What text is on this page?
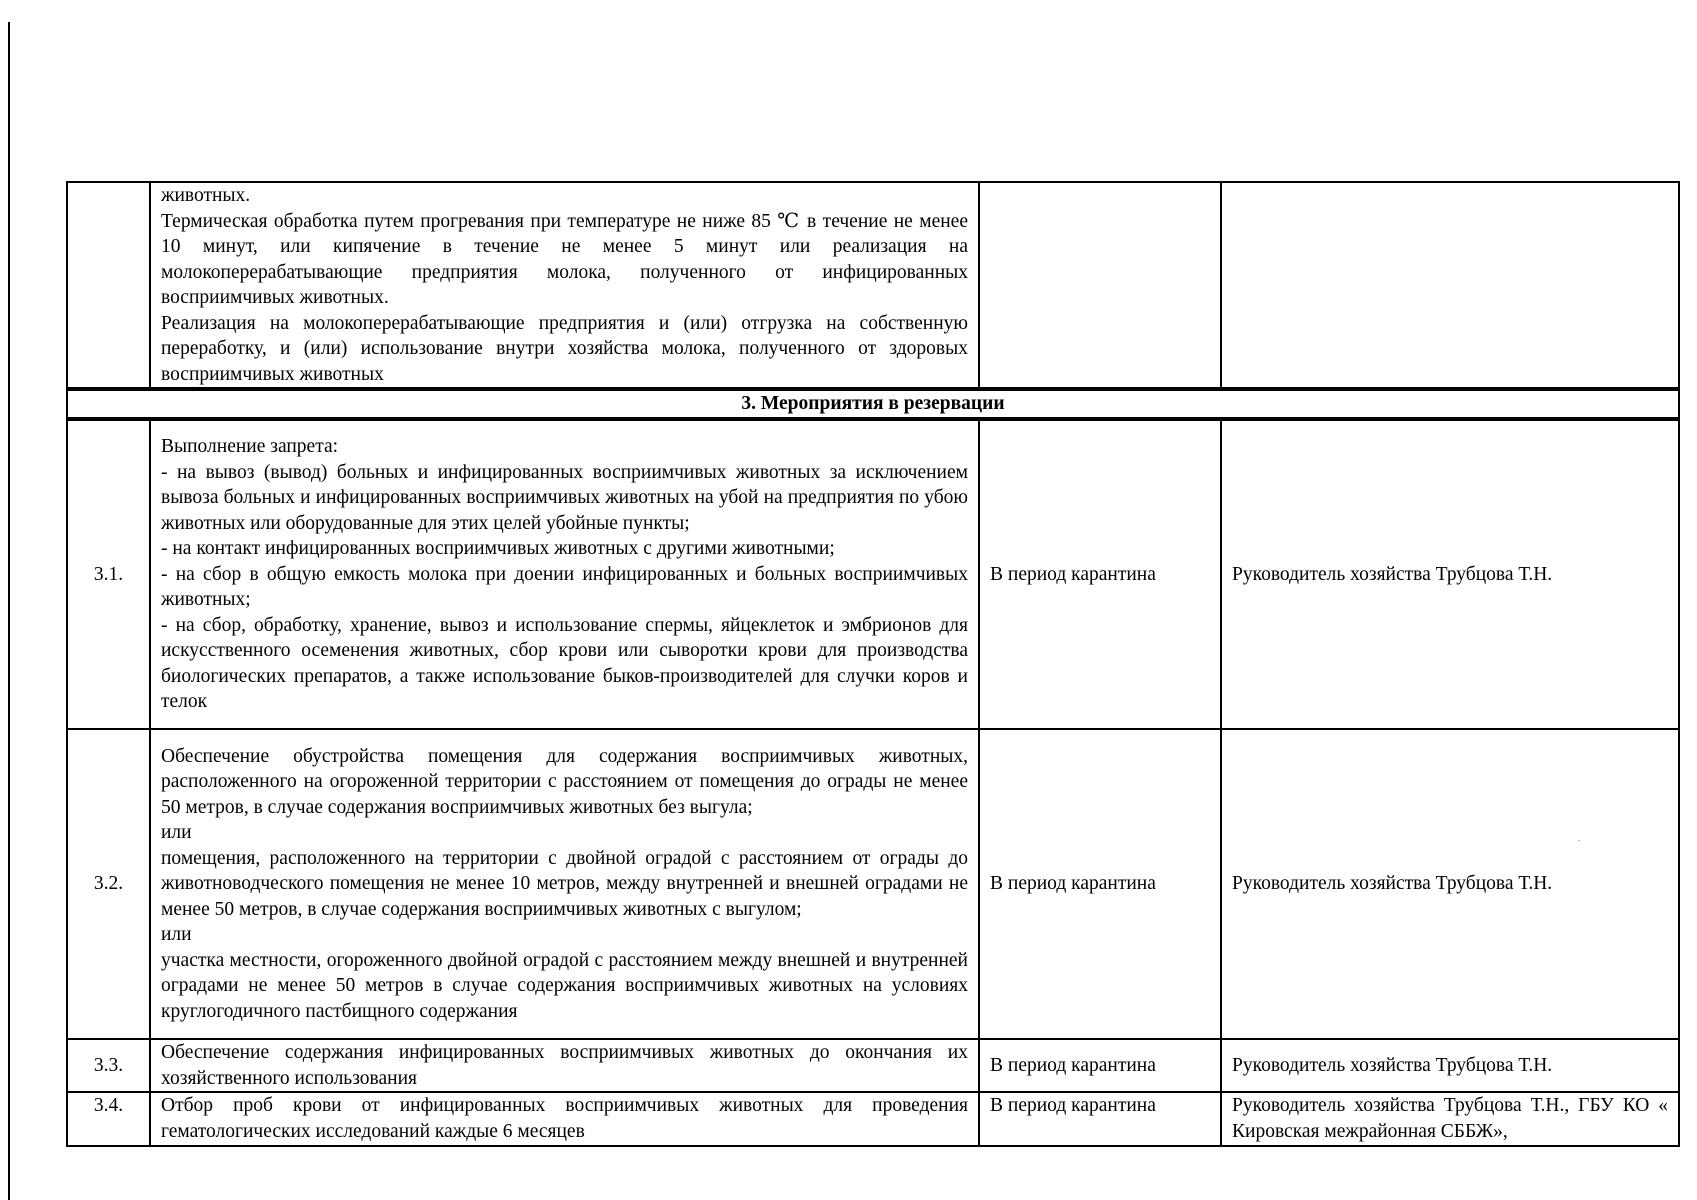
	животных.

Термическая обработка путем прогревания при температуре не ниже 85 ℃ в течение не менее 10 минут, или кипячение в течение не менее 5 минут или реализация на молокоперерабатывающие предприятия молока, полученного от инфицированных восприимчивых животных.

Реализация на молокоперерабатывающие предприятия и (или) отгрузка на собственную переработку, и (или) использование внутри хозяйства молока, полученного от здоровых восприимчивых животных		

3. Мероприятия в резервации			
3.1.	Выполнение запрета:

- на вывоз (вывод) больных и инфицированных восприимчивых животных за исключением вывоза больных и инфицированных восприимчивых животных на убой на предприятия по убою животных или оборудованные для этих целей убойные пункты;

- на контакт инфицированных восприимчивых животных с другими животными;

- на сбор в общую емкость молока при доении инфицированных и больных восприимчивых животных;

- на сбор, обработку, хранение, вывоз и использование спермы, яйцеклеток и эмбрионов для искусственного осеменения животных, сбор крови или сыворотки крови для производства биологических препаратов, а также использование быков-производителей для случки коров и телок	В период карантина	Руководитель хозяйства Трубцова Т.Н.
3.2.	Обеспечение обустройства помещения для содержания восприимчивых животных, расположенного на огороженной территории с расстоянием от помещения до ограды не менее 50 метров, в случае содержания восприимчивых животных без выгула;

или

помещения, расположенного на территории с двойной оградой с расстоянием от ограды до животноводческого помещения не менее 10 метров, между внутренней и внешней оградами не менее 50 метров, в случае содержания восприимчивых животных с выгулом;

или

участка местности, огороженного двойной оградой с расстоянием между внешней и внутренней оградами не менее 50 метров в случае содержания восприимчивых животных на условиях круглогодичного пастбищного содержания	В период карантина	Руководитель хозяйства Трубцова Т.Н.
3.3.	Обеспечение содержания инфицированных восприимчивых животных до окончания их хозяйственного использования	В период карантина	Руководитель хозяйства Трубцова Т.Н.
3.4.	Отбор проб крови от инфицированных восприимчивых животных для проведения гематологических исследований каждые 6 месяцев	В период карантина	Руководитель хозяйства Трубцова Т.Н., ГБУ КО « Кировская межрайонная СББЖ»,
